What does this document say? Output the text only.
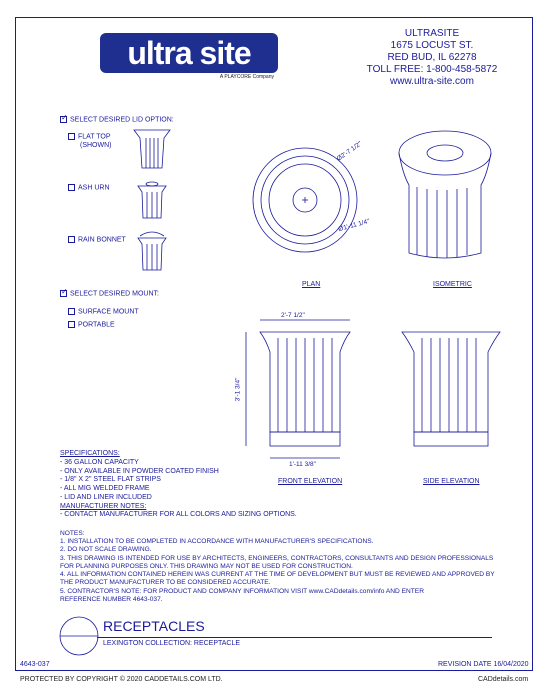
ultra site
A PLAYCORE Company
ULTRASITE
1675 LOCUST ST.
RED BUD, IL 62278
TOLL FREE: 1-800-458-5872
www.ultra-site.com
✓SELECT DESIRED LID OPTION:
FLAT TOP
(SHOWN)
ASH URN
RAIN BONNET
✓SELECT DESIRED MOUNT:
SURFACE MOUNT
PORTABLE
Ø2'-7 1/2"
Ø1'-11 1/4"
PLAN	ISOMETRIC
2'-7 1/2"
3'-1 3/4"
1'-11 3/8"
FRONT ELEVATION	SIDE ELEVATION
SPECIFICATIONS:
- 36 GALLON CAPACITY
- ONLY AVAILABLE IN POWDER COATED FINISH
- 1/8" X 2" STEEL FLAT STRIPS
- ALL MIG WELDED FRAME
- LID AND LINER INCLUDED
MANUFACTURER NOTES:
- CONTACT MANUFACTURER FOR ALL COLORS AND SIZING OPTIONS.
NOTES:
1. INSTALLATION TO BE COMPLETED IN ACCORDANCE WITH MANUFACTURER'S SPECIFICATIONS.
2. DO NOT SCALE DRAWING.
3. THIS DRAWING IS INTENDED FOR USE BY ARCHITECTS, ENGINEERS, CONTRACTORS, CONSULTANTS AND DESIGN PROFESSIONALS
FOR PLANNING PURPOSES ONLY. THIS DRAWING MAY NOT BE USED FOR CONSTRUCTION.
4. ALL INFORMATION CONTAINED HEREIN WAS CURRENT AT THE TIME OF DEVELOPMENT BUT MUST BE REVIEWED AND APPROVED BY
THE PRODUCT MANUFACTURER TO BE CONSIDERED ACCURATE.
5. CONTRACTOR'S NOTE: FOR PRODUCT AND COMPANY INFORMATION VISIT www.CADdetails.com/info AND ENTER
REFERENCE NUMBER 4643-037.
RECEPTACLES
LEXINGTON COLLECTION: RECEPTACLE
4643-037	REVISION DATE 16/04/2020
PROTECTED BY COPYRIGHT © 2020 CADDETAILS.COM LTD.	CADdetails.com
